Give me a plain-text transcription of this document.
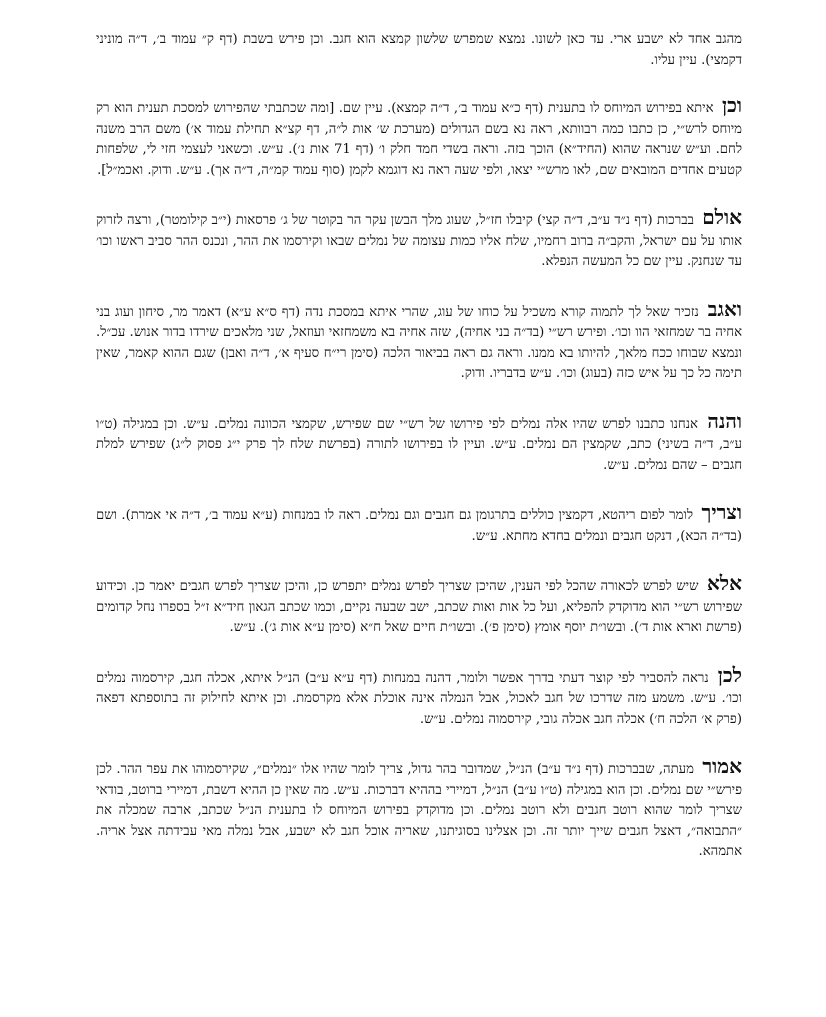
מהגב אחד לא ישבע ארי. עד כאן לשונו. נמצא שמפרש שלשון קמצא הוא חגב. וכן פירש בשבת (דף ק״ עמוד ב׳, ד״ה מוניני דקמצי). עיין עליו.

וכן איתא בפירוש המיוחס לו בתענית (דף כ״א עמוד ב׳, ד״ה קמצא). עיין שם. [ומה שכתבתי שהפירוש למסכת תענית הוא רק מיוחס לרש״י, כן כתבו כמה רבוותא, ראה נא בשם הגדולים (מערכת ש׳ אות ל״ה, דף קצ״א תחילת עמוד א׳) משם הרב משנה לחם. וע״ש שנראה שהוא (החיד״א) הוכך בזה. וראה בשדי חמד חלק ו׳ (דף 71 אות נ׳). ע״ש. וכשאני לעצמי חזי לי, שלפחות קטעים אחדים המובאים שם, לאו מרש״י יצאו, ולפי שעה ראה נא דוגמא לקמן (סוף עמוד קמ״ה, ד״ה אך). ע״ש. ודוק. ואכמ״ל].

אולם בברכות (דף נ״ד ע״ב, ד״ה קצי) קיבלו חז״ל, שעוג מלך הבשן עקר הר בקוטר של ג׳ פרסאות (י״ב קילומטר), ורצה לזרוק אותו על עם ישראל, והקב״ה ברוב רחמיו, שלח אליו כמות עצומה של נמלים שבאו וקירסמו את ההר, ונכנס ההר סביב ראשו וכו׳ עד שנחנק. עיין שם כל המעשה הנפלא.

ואגב נזכיר שאל לך לתמוה קורא משכיל על כוחו של עוג, שהרי איתא במסכת נדה (דף ס״א ע״א) דאמר מר, סיחון ועוג בני אחיה בר שמחזאי הוו וכו׳. ופירש רש״י (בד״ה בני אחיה), שזה אחיה בא משמחזאי ועוזאל, שני מלאכים שירדו בדור אנוש. עכ״ל. ונמצא שבוחו ככח מלאך, להיותו בא ממנו. וראה גם ראה בביאור הלכה (סימן רי״ח סעיף א׳, ד״ה ואבן) שגם ההוא קאמר, שאין תימה כל כך על איש כזה (בעוג) וכו׳. ע״ש בדבריו. ודוק.

והנה אנחנו כתבנו לפרש שהיו אלה נמלים לפי פירושו של רש״י שם שפירש, שקמצי הכוונה נמלים. ע״ש. וכן במגילה (ט״ו ע״ב, ד״ה בשיני) כתב, שקמצין הם נמלים. ע״ש. ועיין לו בפירושו לתורה (בפרשת שלח לך פרק י״ג פסוק ל״ג) שפירש למלת חגבים – שהם נמלים. ע״ש.

וצריך לומר לפום ריהטא, דקמצין כוללים בתרגומן גם חגבים וגם נמלים. ראה לו במנחות (ע״א עמוד ב׳, ד״ה אי אמרת). ושם (בד״ה הכא), דנקט חגבים ונמלים בחדא מחתא. ע״ש.

אלא שיש לפרש לכאורה שהכל לפי הענין, שהיכן שצריך לפרש נמלים יתפרש כן, והיכן שצריך לפרש חגבים יאמר כן. וכידוע שפירוש רש״י הוא מדוקדק להפליא, ועל כל אות ואות שכתב, ישב שבעה נקיים, וכמו שכתב הגאון חיד״א ז״ל בספרו נחל קדומים (פרשת וארא אות ד׳). ובשו״ת יוסף אומץ (סימן פ׳). ובשו״ת חיים שאל ח״א (סימן ע״א אות ג׳). ע״ש.

לכן נראה להסביר לפי קוצר דעתי בדרך אפשר ולומר, דהנה במנחות (דף ע״א ע״ב) הנ״ל איתא, אכלה חגב, קירסמוה נמלים וכו׳. ע״ש. משמע מזה שדרכו של חגב לאכול, אבל הנמלה אינה אוכלת אלא מקרסמת. וכן איתא לחילוק זה בתוספתא דפאה (פרק א׳ הלכה ח׳) אכלה חגב אכלה גובי, קירסמוה נמלים. ע״ש.

אמור מעתה, שבברכות (דף נ״ד ע״ב) הנ״ל, שמדובר בהר גדול, צריך לומר שהיו אלו ״נמלים״, שקירסמוהו את עפר ההר. לכן פירש״י שם נמלים. וכן הוא במגילה (ט״ו ע״ב) הנ״ל, דמיירי בההיא דברכות. ע״ש. מה שאין כן ההיא דשבת, דמיירי ברוטב, בודאי שצריך לומר שהוא רוטב חגבים ולא רוטב נמלים. וכן מדוקדק בפירוש המיוחס לו בתענית הנ״ל שכתב, ארבה שמכלה את ״התבואה״, דאצל חגבים שייך יותר זה. וכן אצלינו בסוגיתנו, שאריה אוכל חגב לא ישבע, אבל נמלה מאי עבידתה אצל אריה. אתמהא.
